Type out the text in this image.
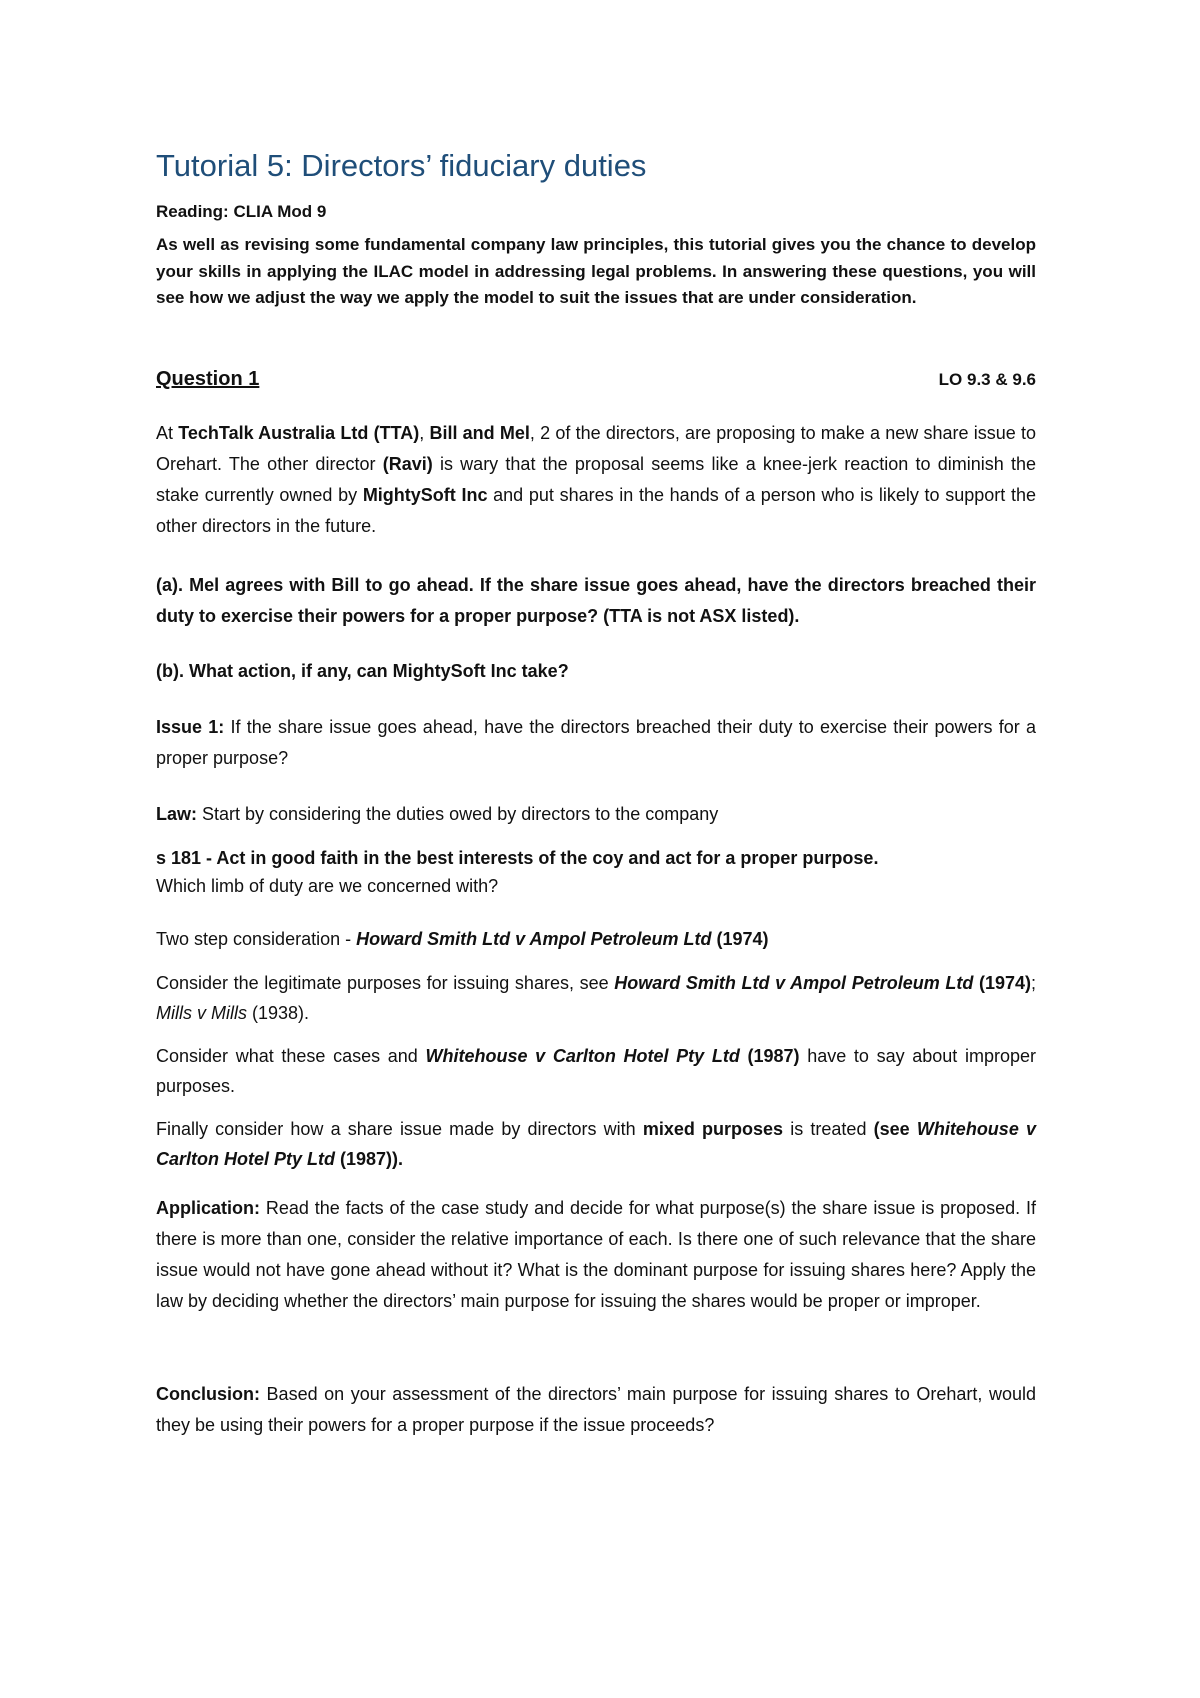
Tutorial 5: Directors’ fiduciary duties

Reading: CLIA Mod 9

As well as revising some fundamental company law principles, this tutorial gives you the chance to develop your skills in applying the ILAC model in addressing legal problems. In answering these questions, you will see how we adjust the way we apply the model to suit the issues that are under consideration.

Question 1	LO 9.3 & 9.6

At TechTalk Australia Ltd (TTA), Bill and Mel, 2 of the directors, are proposing to make a new share issue to Orehart. The other director (Ravi) is wary that the proposal seems like a knee-jerk reaction to diminish the stake currently owned by MightySoft Inc and put shares in the hands of a person who is likely to support the other directors in the future.

(a). Mel agrees with Bill to go ahead. If the share issue goes ahead, have the directors breached their duty to exercise their powers for a proper purpose? (TTA is not ASX listed).

(b). What action, if any, can MightySoft Inc take?

Issue 1: If the share issue goes ahead, have the directors breached their duty to exercise their powers for a proper purpose?

Law: Start by considering the duties owed by directors to the company

s 181 - Act in good faith in the best interests of the coy and act for a proper purpose.

Which limb of duty are we concerned with?

Two step consideration - Howard Smith Ltd v Ampol Petroleum Ltd (1974)

Consider the legitimate purposes for issuing shares, see Howard Smith Ltd v Ampol Petroleum Ltd (1974); Mills v Mills (1938).

Consider what these cases and Whitehouse v Carlton Hotel Pty Ltd (1987) have to say about improper purposes.

Finally consider how a share issue made by directors with mixed purposes is treated (see Whitehouse v Carlton Hotel Pty Ltd (1987)).

Application: Read the facts of the case study and decide for what purpose(s) the share issue is proposed. If there is more than one, consider the relative importance of each. Is there one of such relevance that the share issue would not have gone ahead without it? What is the dominant purpose for issuing shares here? Apply the law by deciding whether the directors’ main purpose for issuing the shares would be proper or improper.

Conclusion: Based on your assessment of the directors’ main purpose for issuing shares to Orehart, would they be using their powers for a proper purpose if the issue proceeds?
